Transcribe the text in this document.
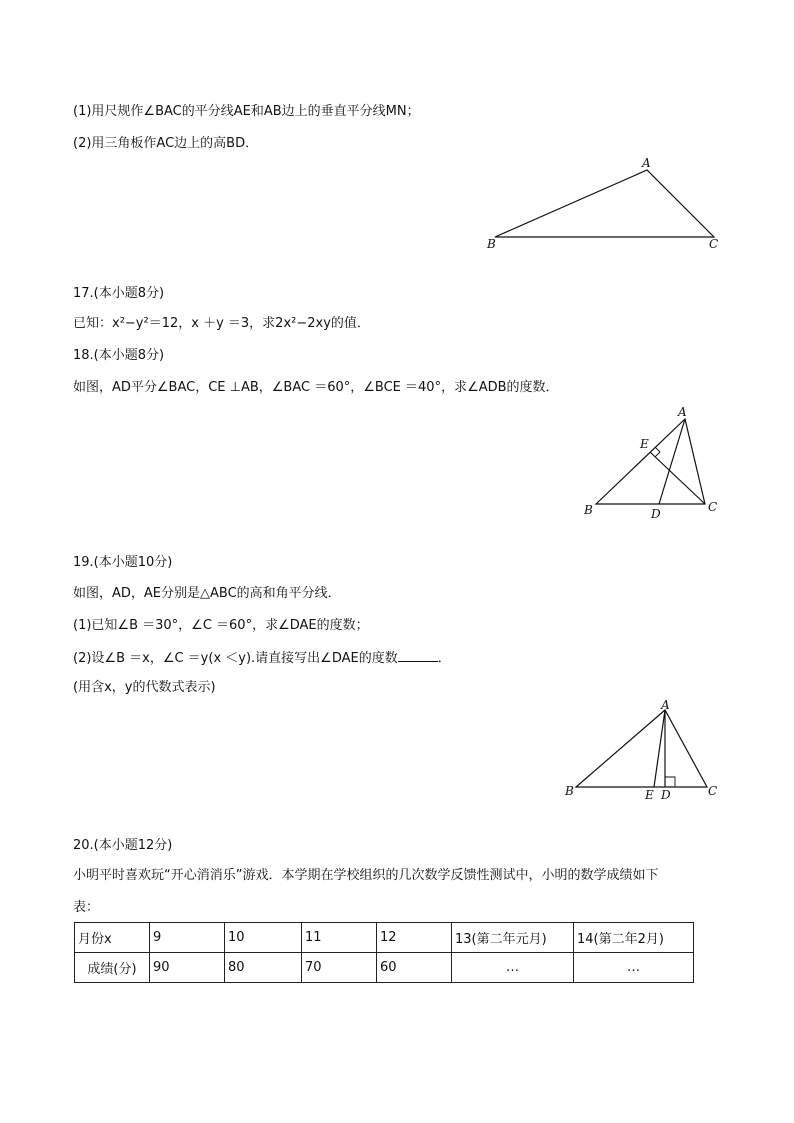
(1)用尺规作∠BAC的平分线AE和AB边上的垂直平分线MN；
(2)用三角板作AC边上的高BD．
A
B	C
17.(本小题8分)
已知：x²−y²＝12，x ＋y ＝3，求2x²−2xy的值．
18.(本小题8分)
如图，AD平分∠BAC，CE ⊥AB，∠BAC ＝60°，∠BCE ＝40°，求∠ADB的度数．
A
E
B	D	C
19.(本小题10分)
如图，AD，AE分别是△ABC的高和角平分线．
(1)已知∠B ＝30°，∠C ＝60°，求∠DAE的度数；
(2)设∠B ＝x，∠C ＝y(x ＜y).请直接写出∠DAE的度数	．
(用含x，y的代数式表示)
A
B	E D	C
20.(本小题12分)
小明平时喜欢玩“开心消消乐”游戏．本学期在学校组织的几次数学反馈性测试中，小明的数学成绩如下
表：
月份x	9	10	11	12	13(第二年元月)	14(第二年2月)
成绩(分)	90	80	70	60	…	…
